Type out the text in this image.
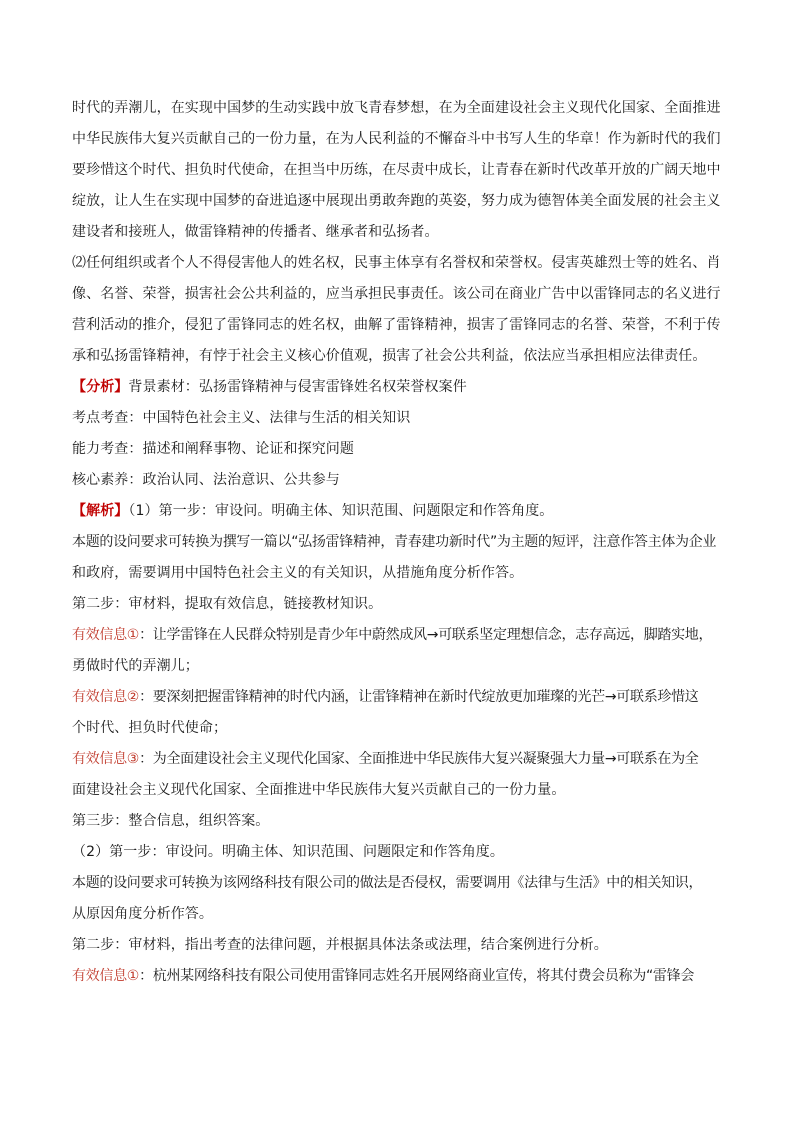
时代的弄潮儿，在实现中国梦的生动实践中放飞青春梦想，在为全面建设社会主义现代化国家、全面推进
中华民族伟大复兴贡献自己的一份力量，在为人民利益的不懈奋斗中书写人生的华章！作为新时代的我们
要珍惜这个时代、担负时代使命，在担当中历练，在尽责中成长，让青春在新时代改革开放的广阔天地中
绽放，让人生在实现中国梦的奋进追逐中展现出勇敢奔跑的英姿，努力成为德智体美全面发展的社会主义
建设者和接班人，做雷锋精神的传播者、继承者和弘扬者。
⑵任何组织或者个人不得侵害他人的姓名权，民事主体享有名誉权和荣誉权。侵害英雄烈士等的姓名、肖
像、名誉、荣誉，损害社会公共利益的，应当承担民事责任。该公司在商业广告中以雷锋同志的名义进行
营利活动的推介，侵犯了雷锋同志的姓名权，曲解了雷锋精神，损害了雷锋同志的名誉、荣誉，不利于传
承和弘扬雷锋精神，有悖于社会主义核心价值观，损害了社会公共利益，依法应当承担相应法律责任。
【分析】背景素材：弘扬雷锋精神与侵害雷锋姓名权荣誉权案件
考点考查：中国特色社会主义、法律与生活的相关知识
能力考查：描述和阐释事物、论证和探究问题
核心素养：政治认同、法治意识、公共参与
【解析】（1）第一步：审设问。明确主体、知识范围、问题限定和作答角度。
本题的设问要求可转换为撰写一篇以“弘扬雷锋精神，青春建功新时代”为主题的短评，注意作答主体为企业
和政府，需要调用中国特色社会主义的有关知识，从措施角度分析作答。
第二步：审材料，提取有效信息，链接教材知识。
有效信息①：让学雷锋在人民群众特别是青少年中蔚然成风→可联系坚定理想信念，志存高远，脚踏实地，
勇做时代的弄潮儿；
有效信息②：要深刻把握雷锋精神的时代内涵，让雷锋精神在新时代绽放更加璀璨的光芒→可联系珍惜这
个时代、担负时代使命；
有效信息③：为全面建设社会主义现代化国家、全面推进中华民族伟大复兴凝聚强大力量→可联系在为全
面建设社会主义现代化国家、全面推进中华民族伟大复兴贡献自己的一份力量。
第三步：整合信息，组织答案。
（2）第一步：审设问。明确主体、知识范围、问题限定和作答角度。
本题的设问要求可转换为该网络科技有限公司的做法是否侵权，需要调用《法律与生活》中的相关知识，
从原因角度分析作答。
第二步：审材料，指出考查的法律问题，并根据具体法条或法理，结合案例进行分析。
有效信息①：杭州某网络科技有限公司使用雷锋同志姓名开展网络商业宣传，将其付费会员称为“雷锋会
